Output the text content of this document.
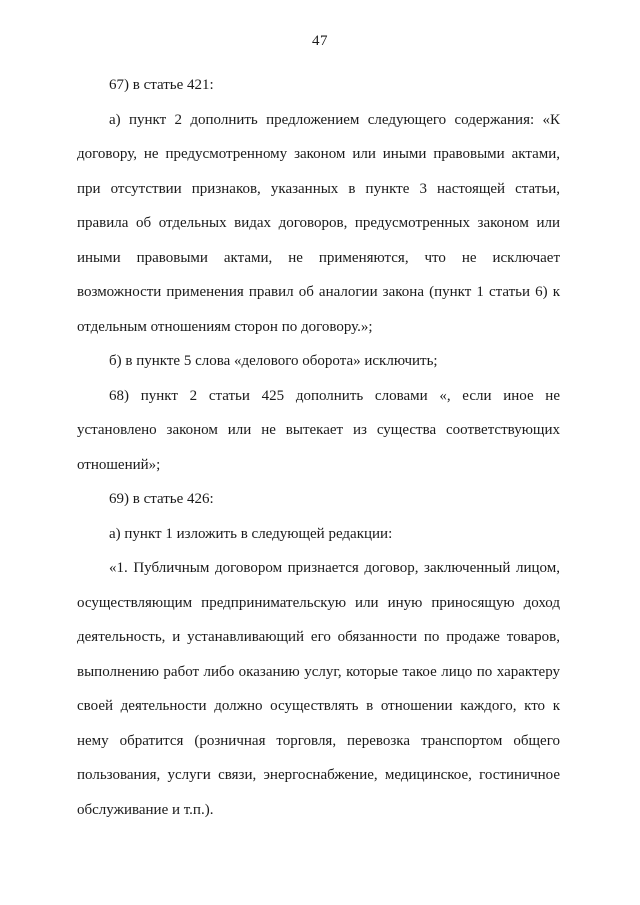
47

67) в статье 421:

а) пункт 2 дополнить предложением следующего содержания: «К договору, не предусмотренному законом или иными правовыми актами, при отсутствии признаков, указанных в пункте 3 настоящей статьи, правила об отдельных видах договоров, предусмотренных законом или иными правовыми актами, не применяются, что не исключает возможности применения правил об аналогии закона (пункт 1 статьи 6) к отдельным отношениям сторон по договору.»;

б) в пункте 5 слова «делового оборота» исключить;

68) пункт 2 статьи 425 дополнить словами «, если иное не установлено законом или не вытекает из существа соответствующих отношений»;

69) в статье 426:

а) пункт 1 изложить в следующей редакции:

«1. Публичным договором признается договор, заключенный лицом, осуществляющим предпринимательскую или иную приносящую доход деятельность, и устанавливающий его обязанности по продаже товаров, выполнению работ либо оказанию услуг, которые такое лицо по характеру своей деятельности должно осуществлять в отношении каждого, кто к нему обратится (розничная торговля, перевозка транспортом общего пользования, услуги связи, энергоснабжение, медицинское, гостиничное обслуживание и т.п.).
